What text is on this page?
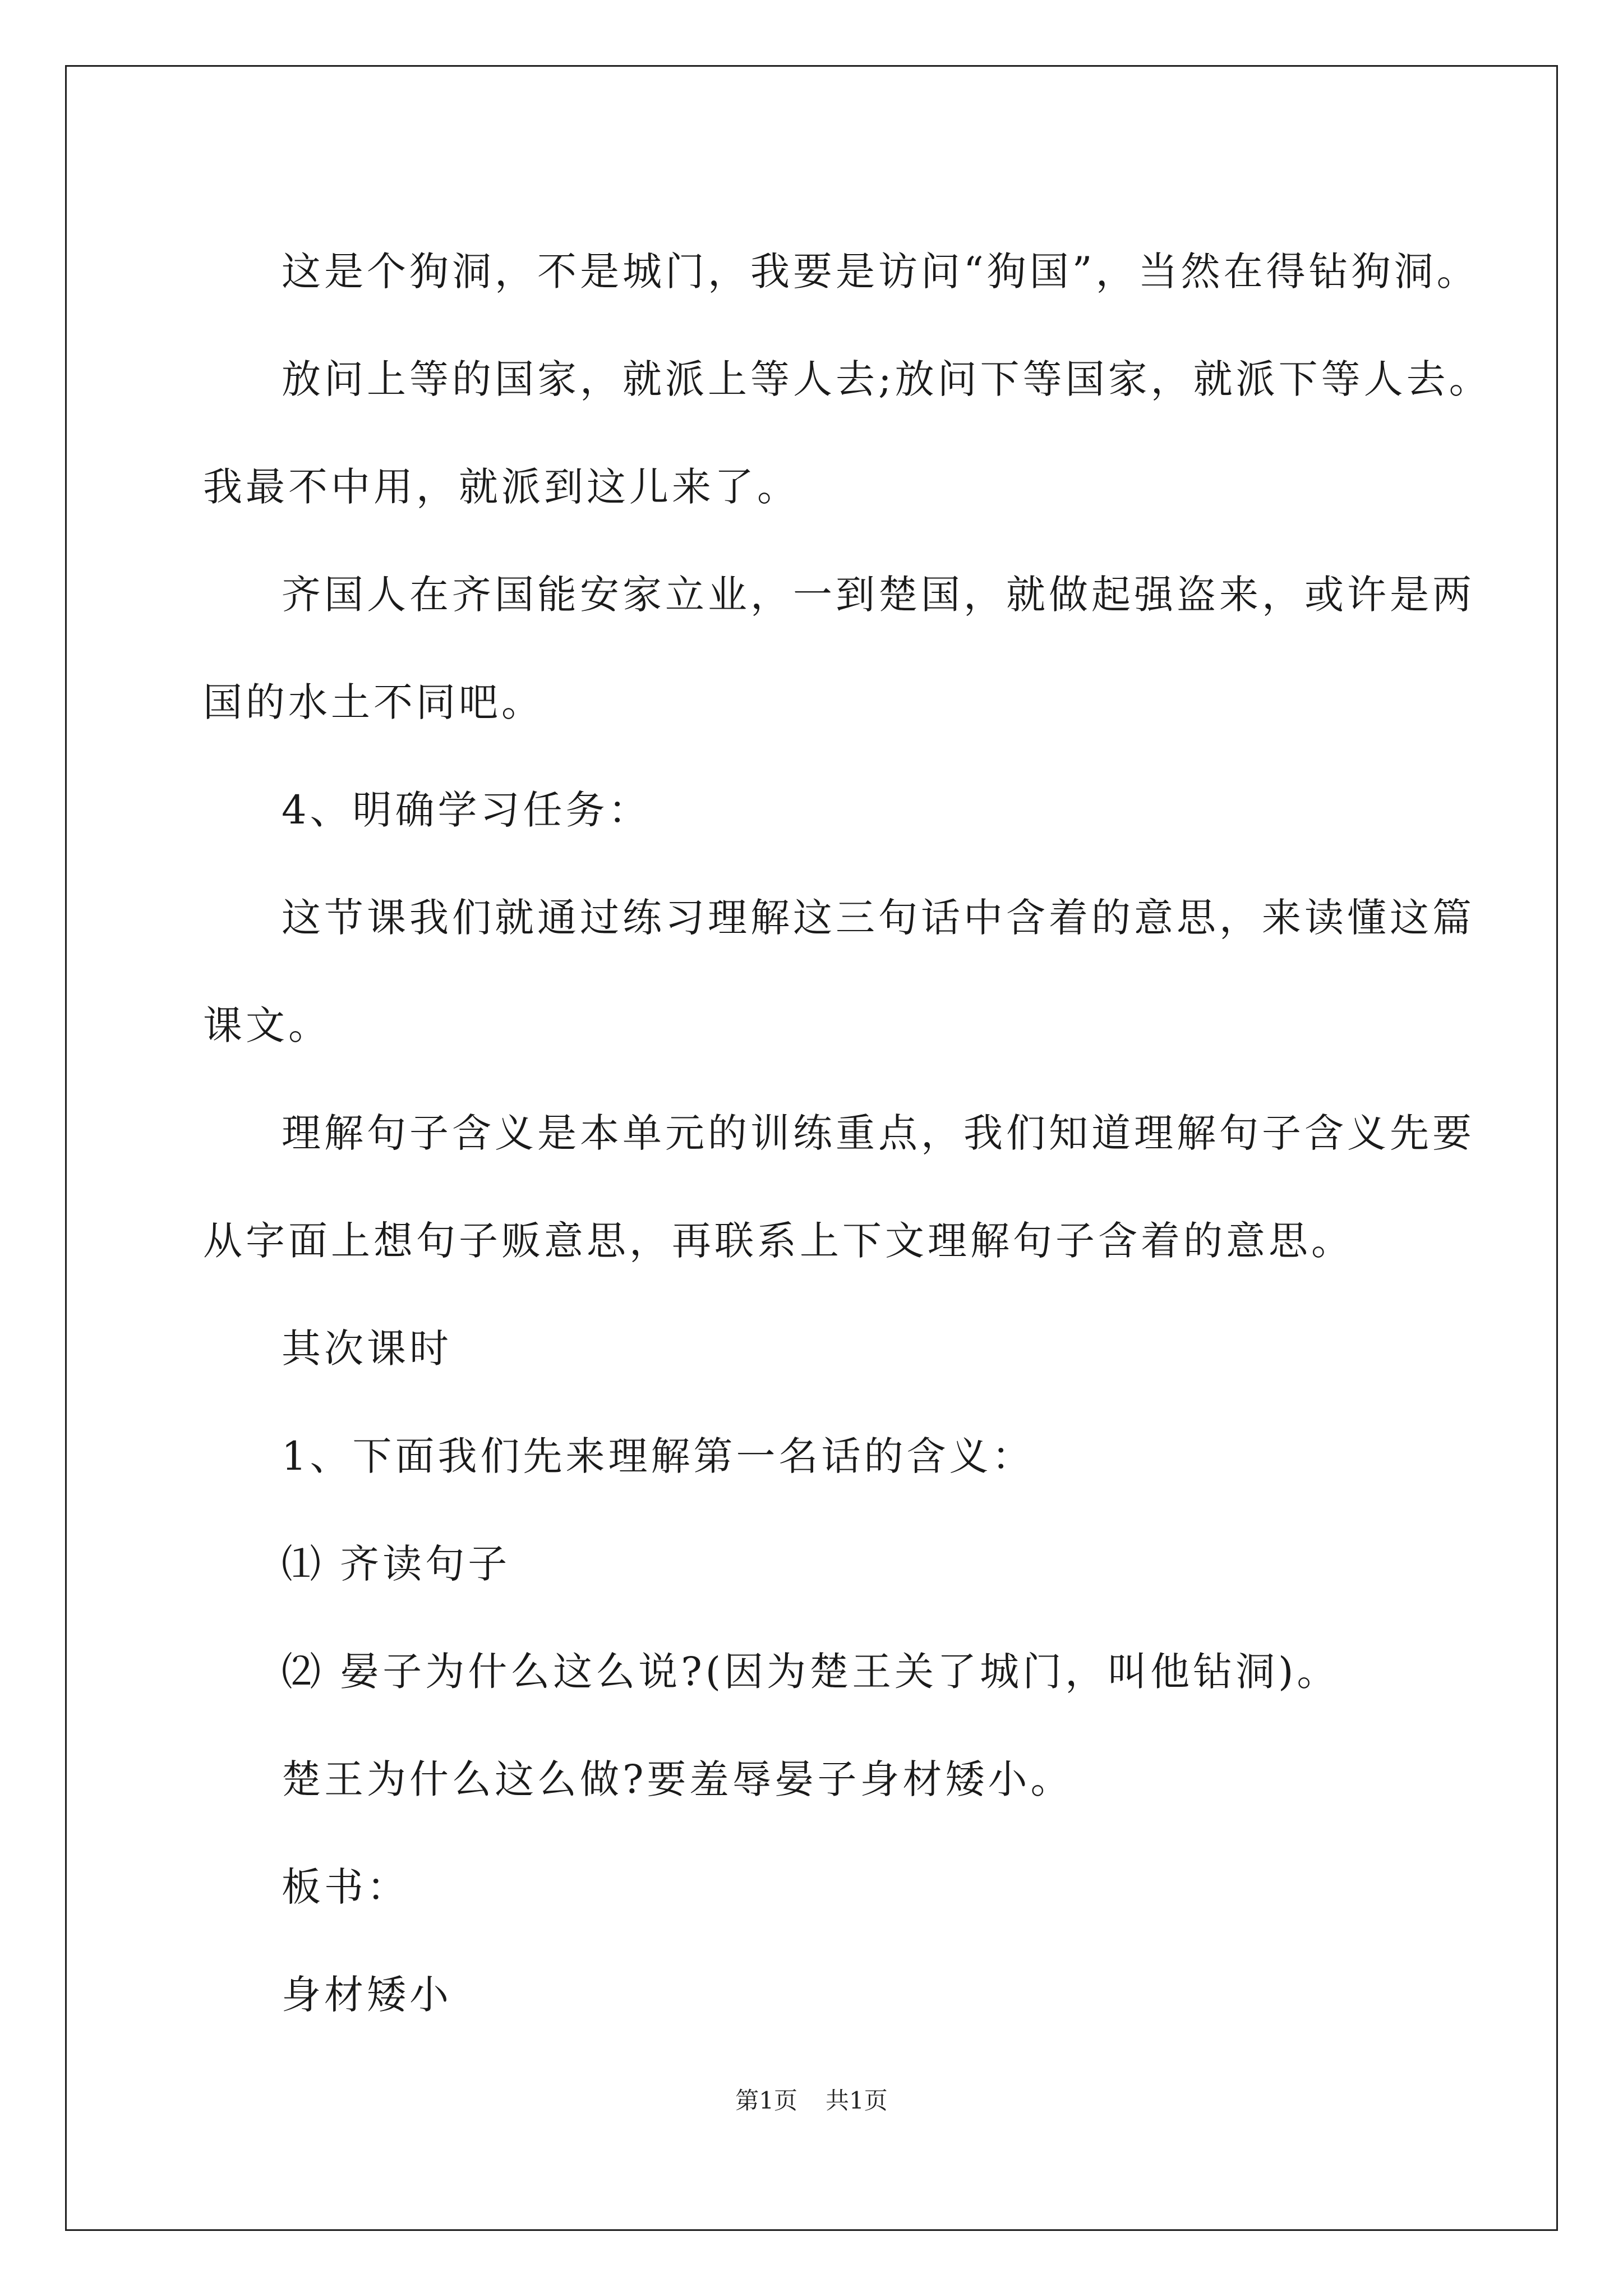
这是个狗洞，不是城门，我要是访问“狗国”，当然在得钻狗洞。

放问上等的国家，就派上等人去;放问下等国家，就派下等人去。

我最不中用，就派到这儿来了。

齐国人在齐国能安家立业，一到楚国，就做起强盗来，或许是两

国的水土不同吧。

4、明确学习任务：

这节课我们就通过练习理解这三句话中含着的意思，来读懂这篇

课文。

理解句子含义是本单元的训练重点，我们知道理解句子含义先要

从字面上想句子贩意思，再联系上下文理解句子含着的意思。

其次课时

1、下面我们先来理解第一名话的含义：

⑴ 齐读句子

⑵ 晏子为什么这么说?(因为楚王关了城门，叫他钻洞)。

楚王为什么这么做?要羞辱晏子身材矮小。

板书：

身材矮小

第1页 共1页
